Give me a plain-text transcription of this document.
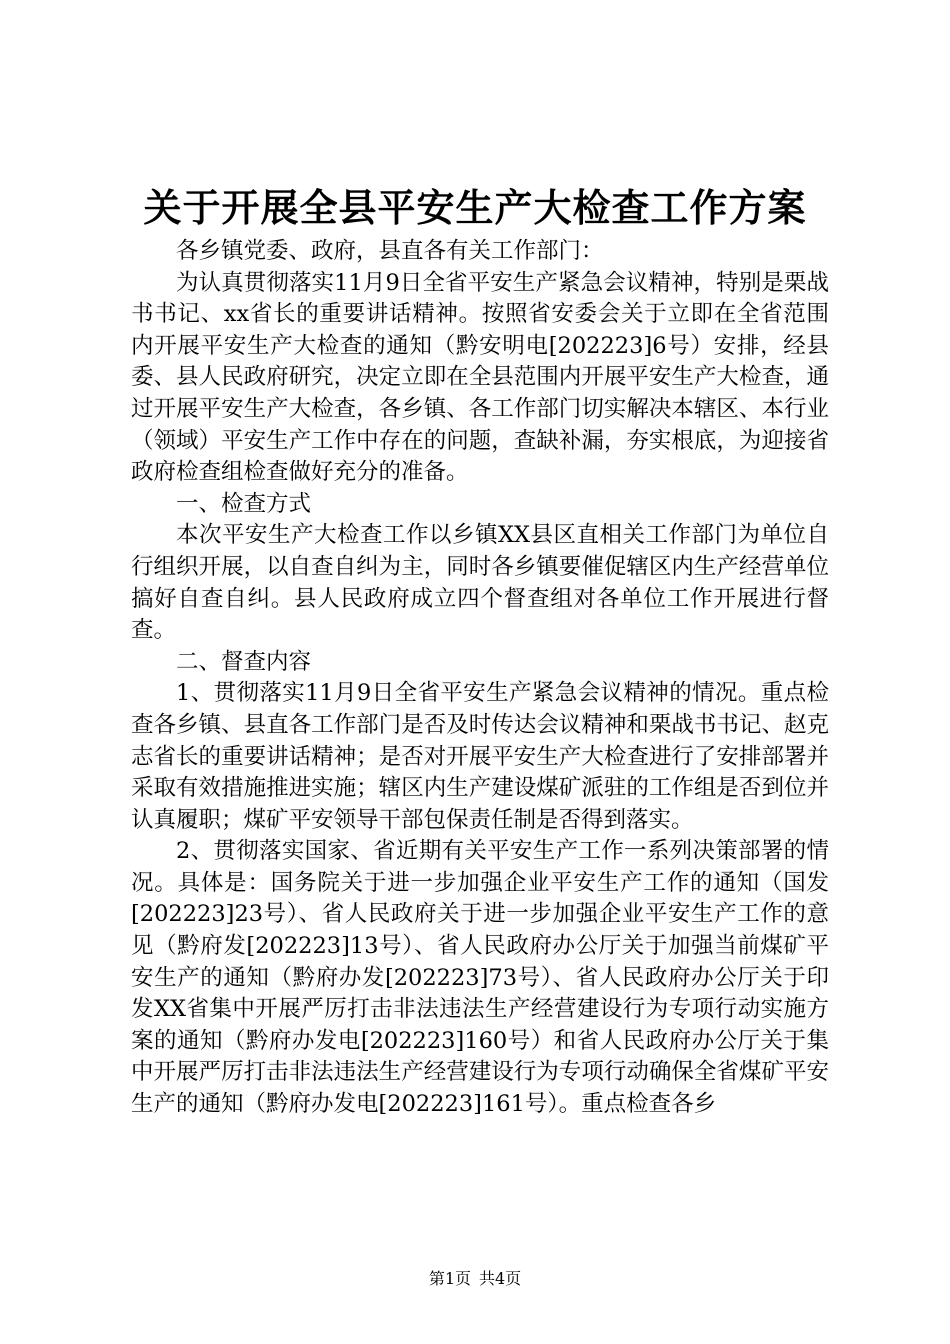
关于开展全县平安生产大检查工作方案

各乡镇党委、政府，县直各有关工作部门：

为认真贯彻落实11月9日全省平安生产紧急会议精神，特别是栗战书书记、xx省长的重要讲话精神。按照省安委会关于立即在全省范围内开展平安生产大检查的通知（黔安明电[202223]6号）安排，经县委、县人民政府研究，决定立即在全县范围内开展平安生产大检查，通过开展平安生产大检查，各乡镇、各工作部门切实解决本辖区、本行业（领域）平安生产工作中存在的问题，查缺补漏，夯实根底，为迎接省政府检查组检查做好充分的准备。

一、检查方式

本次平安生产大检查工作以乡镇XX县区直相关工作部门为单位自行组织开展，以自查自纠为主，同时各乡镇要催促辖区内生产经营单位搞好自查自纠。县人民政府成立四个督查组对各单位工作开展进行督查。

二、督查内容

1、贯彻落实11月9日全省平安生产紧急会议精神的情况。重点检查各乡镇、县直各工作部门是否及时传达会议精神和栗战书书记、赵克志省长的重要讲话精神；是否对开展平安生产大检查进行了安排部署并采取有效措施推进实施；辖区内生产建设煤矿派驻的工作组是否到位并认真履职；煤矿平安领导干部包保责任制是否得到落实。

2、贯彻落实国家、省近期有关平安生产工作一系列决策部署的情况。具体是：国务院关于进一步加强企业平安生产工作的通知（国发[202223]23号）、省人民政府关于进一步加强企业平安生产工作的意见（黔府发[202223]13号）、省人民政府办公厅关于加强当前煤矿平安生产的通知（黔府办发[202223]73号）、省人民政府办公厅关于印发XX省集中开展严厉打击非法违法生产经营建设行为专项行动实施方案的通知（黔府办发电[202223]160号）和省人民政府办公厅关于集中开展严厉打击非法违法生产经营建设行为专项行动确保全省煤矿平安生产的通知（黔府办发电[202223]161号）。重点检查各乡

第1页 共4页
